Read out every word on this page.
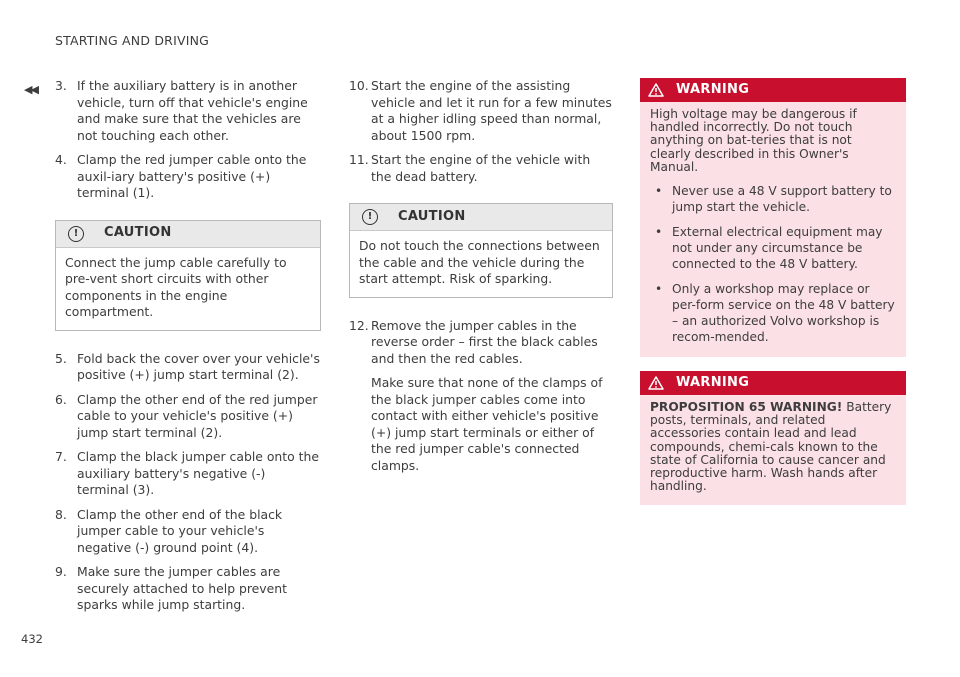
STARTING AND DRIVING
◀◀
432
3. If the auxiliary battery is in another vehicle, turn off that vehicle's engine and make sure that the vehicles are not touching each other.
4. Clamp the red jumper cable onto the auxil-iary battery's positive (+) terminal (1).
!	CAUTION
Connect the jump cable carefully to pre-vent short circuits with other components in the engine compartment.
5. Fold back the cover over your vehicle's positive (+) jump start terminal (2).
6. Clamp the other end of the red jumper cable to your vehicle's positive (+) jump start terminal (2).
7. Clamp the black jumper cable onto the auxiliary battery's negative (-) terminal (3).
8. Clamp the other end of the black jumper cable to your vehicle's negative (-) ground point (4).
9. Make sure the jumper cables are securely attached to help prevent sparks while jump starting.
10. Start the engine of the assisting vehicle and let it run for a few minutes at a higher idling speed than normal, about 1500 rpm.
11. Start the engine of the vehicle with the dead battery.
!	CAUTION
Do not touch the connections between the cable and the vehicle during the start attempt. Risk of sparking.
12. Remove the jumper cables in the reverse order – first the black cables and then the red cables.
Make sure that none of the clamps of the black jumper cables come into contact with either vehicle's positive (+) jump start terminals or either of the red jumper cable's connected clamps.
WARNING
High voltage may be dangerous if handled incorrectly. Do not touch anything on bat-teries that is not clearly described in this Owner's Manual.
• Never use a 48 V support battery to jump start the vehicle.
• External electrical equipment may not under any circumstance be connected to the 48 V battery.
• Only a workshop may replace or per-form service on the 48 V battery – an authorized Volvo workshop is recom-mended.
WARNING
PROPOSITION 65 WARNING! Battery posts, terminals, and related accessories contain lead and lead compounds, chemi-cals known to the state of California to cause cancer and reproductive harm. Wash hands after handling.
